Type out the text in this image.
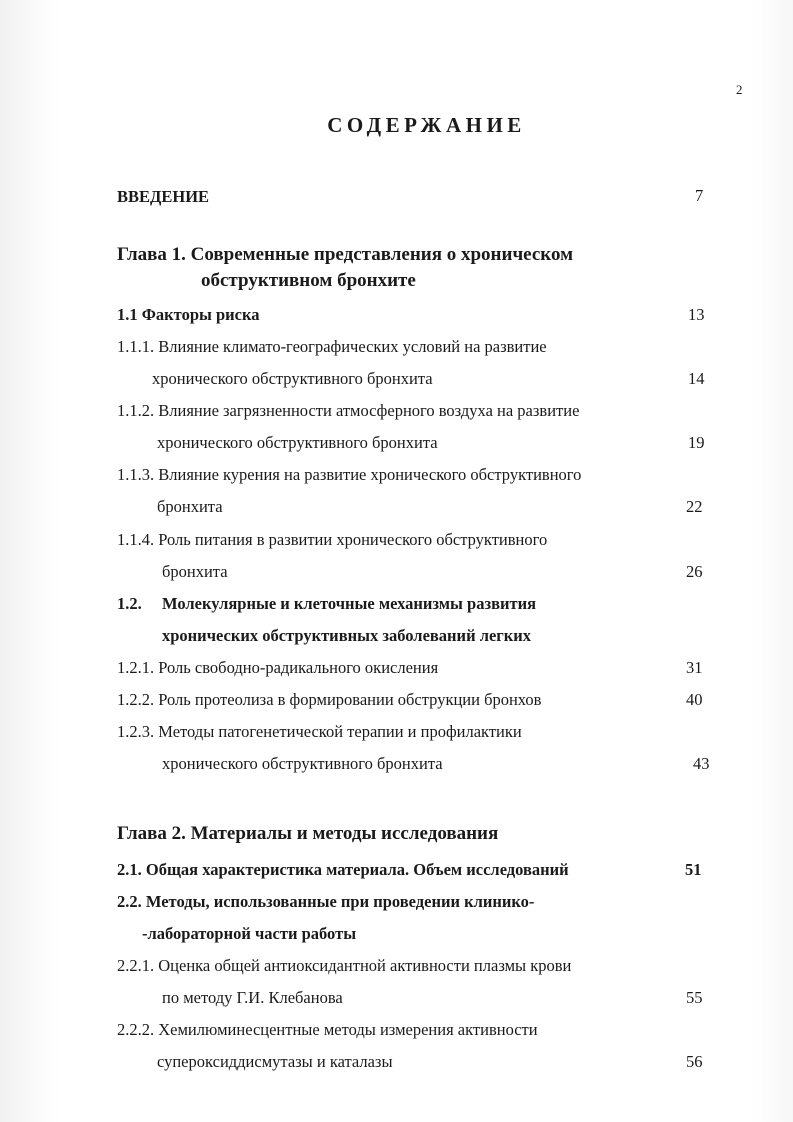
2
СОДЕРЖАНИЕ
ВВЕДЕНИЕ	7
Глава 1. Современные представления о хроническом
обструктивном бронхите
1.1 Факторы риска	13
1.1.1. Влияние климато-географических условий на развитие
хронического обструктивного бронхита	14
1.1.2. Влияние загрязненности атмосферного воздуха на развитие
хронического обструктивного бронхита	19
1.1.3. Влияние курения на развитие хронического обструктивного
бронхита	22
1.1.4. Роль питания в развитии хронического обструктивного
бронхита	26
1.2. Молекулярные и клеточные механизмы развития
хронических обструктивных заболеваний легких
1.2.1. Роль свободно-радикального окисления	31
1.2.2. Роль протеолиза в формировании обструкции бронхов	40
1.2.3. Методы патогенетической терапии и профилактики
хронического обструктивного бронхита	43
Глава 2. Материалы и методы исследования
2.1. Общая характеристика материала. Объем исследований	51
2.2. Методы, использованные при проведении клинико-
-лабораторной части работы
2.2.1. Оценка общей антиоксидантной активности плазмы крови
по методу Г.И. Клебанова	55
2.2.2. Хемилюминесцентные методы измерения активности
супероксиддисмутазы и каталазы	56
